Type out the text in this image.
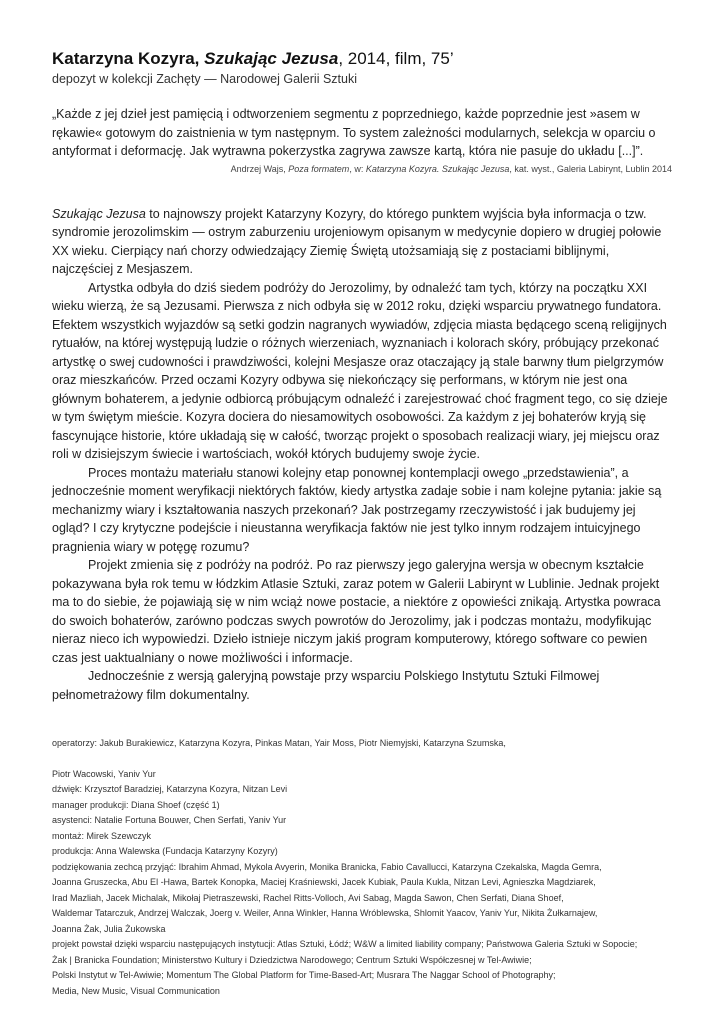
Katarzyna Kozyra, Szukając Jezusa, 2014, film, 75’
depozyt w kolekcji Zachęty — Narodowej Galerii Sztuki
„Każde z jej dzieł jest pamięcią i odtworzeniem segmentu z poprzedniego, każde poprzednie jest »asem w rękawie« gotowym do zaistnienia w tym następnym. To system zależności modularnych, selekcja w oparciu o antyformat i deformację. Jak wytrawna pokerzystka zagrywa zawsze kartą, która nie pasuje do układu [...]”.
Andrzej Wajs, Poza formatem, w: Katarzyna Kozyra. Szukając Jezusa, kat. wyst., Galeria Labirynt, Lublin 2014

Szukając Jezusa to najnowszy projekt Katarzyny Kozyry, do którego punktem wyjścia była informacja o tzw. syndromie jerozolimskim — ostrym zaburzeniu urojeniowym opisanym w medycynie dopiero w drugiej połowie XX wieku. Cierpiący nań chorzy odwiedzający Ziemię Świętą utożsamiają się z postaciami biblijnymi, najczęściej z Mesjaszem.

Artystka odbyła do dziś siedem podróży do Jerozolimy, by odnaleźć tam tych, którzy na początku XXI wieku wierzą, że są Jezusami. Pierwsza z nich odbyła się w 2012 roku, dzięki wsparciu prywatnego fundatora. Efektem wszystkich wyjazdów są setki godzin nagranych wywiadów, zdjęcia miasta będącego sceną religijnych rytuałów, na której występują ludzie o różnych wierzeniach, wyznaniach i kolorach skóry, próbujący przekonać artystkę o swej cudowności i prawdziwości, kolejni Mesjasze oraz otaczający ją stale barwny tłum pielgrzymów oraz mieszkańców. Przed oczami Kozyry odbywa się niekończący się performans, w którym nie jest ona głównym bohaterem, a jedynie odbiorcą próbującym odnaleźć i zarejestrować choć fragment tego, co się dzieje w tym świętym mieście. Kozyra dociera do niesamowitych osobowości. Za każdym z jej bohaterów kryją się fascynujące historie, które układają się w całość, tworząc projekt o sposobach realizacji wiary, jej miejscu oraz roli w dzisiejszym świecie i wartościach, wokół których budujemy swoje życie.

Proces montażu materiału stanowi kolejny etap ponownej kontemplacji owego „przedstawienia”, a jednocześnie moment weryfikacji niektórych faktów, kiedy artystka zadaje sobie i nam kolejne pytania: jakie są mechanizmy wiary i kształtowania naszych przekonań? Jak postrzegamy rzeczywistość i jak budujemy jej ogląd? I czy krytyczne podejście i nieustanna weryfikacja faktów nie jest tylko innym rodzajem intuicyjnego pragnienia wiary w potęgę rozumu?

Projekt zmienia się z podróży na podróż. Po raz pierwszy jego galeryjna wersja w obecnym kształcie pokazywana była rok temu w łódzkim Atlasie Sztuki, zaraz potem w Galerii Labirynt w Lublinie. Jednak projekt ma to do siebie, że pojawiają się w nim wciąż nowe postacie, a niektóre z opowieści znikają. Artystka powraca do swoich bohaterów, zarówno podczas swych powrotów do Jerozolimy, jak i podczas montażu, modyfikując nieraz nieco ich wypowiedzi. Dzieło istnieje niczym jakiś program komputerowy, którego software co pewien czas jest uaktualniany o nowe możliwości i informacje.

Jednocześnie z wersją galeryjną powstaje przy wsparciu Polskiego Instytutu Sztuki Filmowej pełnometrażowy film dokumentalny.

operatorzy: Jakub Burakiewicz, Katarzyna Kozyra, Pinkas Matan, Yair Moss, Piotr Niemyjski, Katarzyna Szumska,
Piotr Wacowski, Yaniv Yur
dźwięk: Krzysztof Baradziej, Katarzyna Kozyra, Nitzan Levi
manager produkcji: Diana Shoef (część 1)
asystenci: Natalie Fortuna Bouwer, Chen Serfati, Yaniv Yur
montaż: Mirek Szewczyk
produkcja: Anna Walewska (Fundacja Katarzyny Kozyry)
podziękowania zechcą przyjąć: Ibrahim Ahmad, Mykola Avyerin, Monika Branicka, Fabio Cavallucci, Katarzyna Czekalska, Magda Gemra,
Joanna Gruszecka, Abu El -Hawa, Bartek Konopka, Maciej Kraśniewski, Jacek Kubiak, Paula Kukla, Nitzan Levi, Agnieszka Magdziarek,
Irad Mazliah, Jacek Michalak, Mikołaj Pietraszewski, Rachel Ritts-Volloch, Avi Sabag, Magda Sawon, Chen Serfati, Diana Shoef,
Waldemar Tatarczuk, Andrzej Walczak, Joerg v. Weiler, Anna Winkler, Hanna Wróblewska, Shlomit Yaacov, Yaniv Yur, Nikita Żułkarnajew,
Joanna Żak, Julia Żukowska
projekt powstał dzięki wsparciu następujących instytucji: Atlas Sztuki, Łódź; W&W a limited liability company; Państwowa Galeria Sztuki w Sopocie;
Żak | Branicka Foundation; Ministerstwo Kultury i Dziedzictwa Narodowego; Centrum Sztuki Współczesnej w Tel-Awiwie;
Polski Instytut w Tel-Awiwie; Momentum The Global Platform for Time-Based-Art; Musrara The Naggar School of Photography;
Media, New Music, Visual Communication
